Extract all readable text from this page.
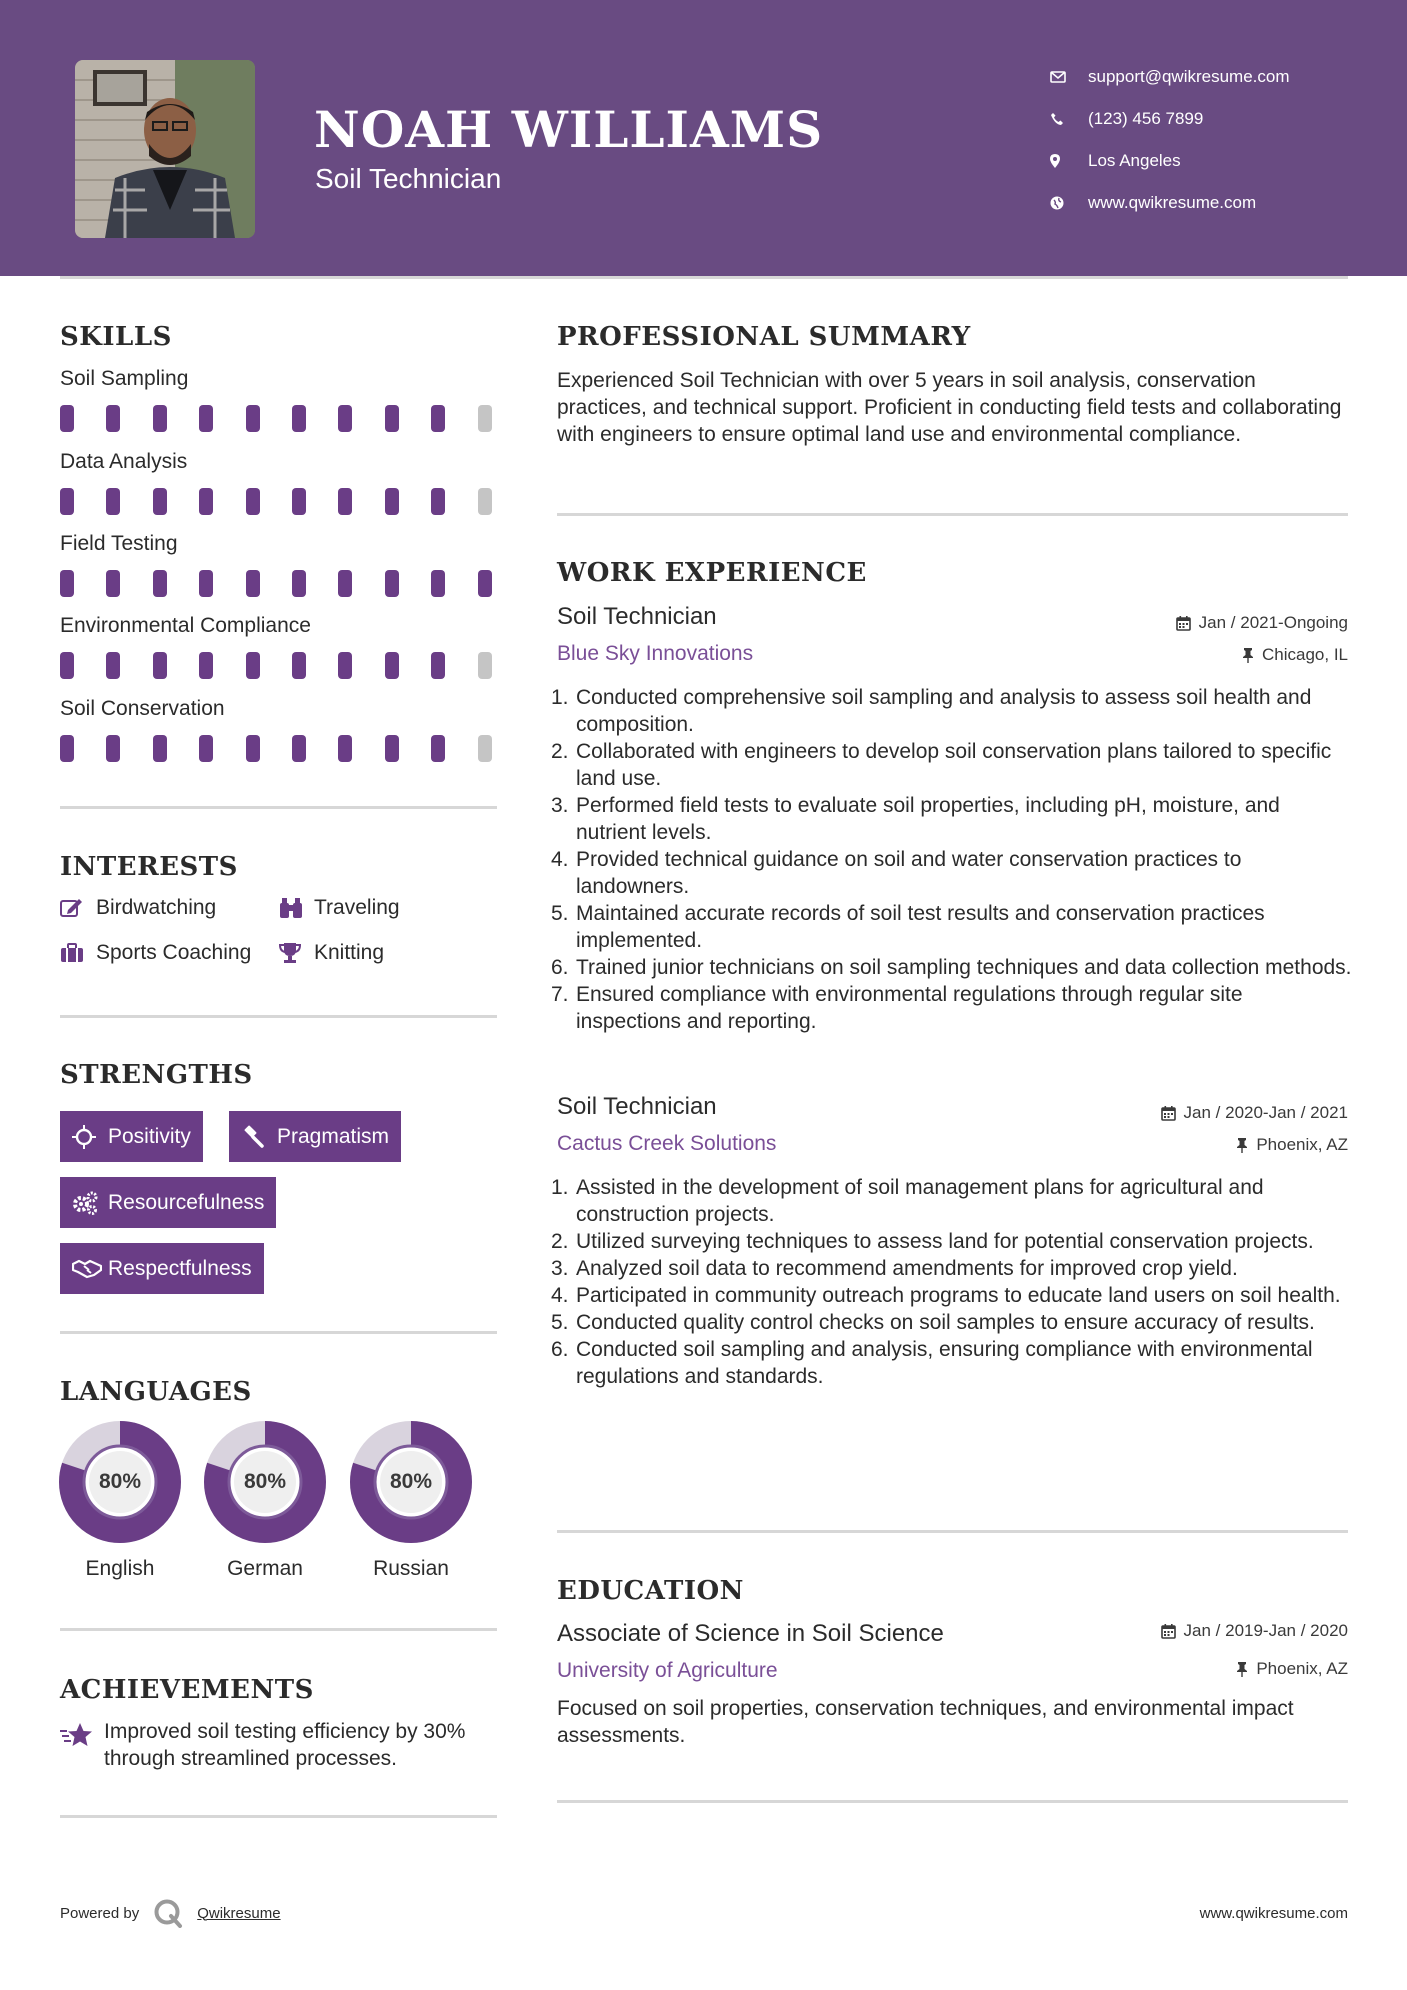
NOAH WILLIAMS
Soil Technician
support@qwikresume.com
(123) 456 7899
Los Angeles
www.qwikresume.com
SKILLS
Soil Sampling
Data Analysis
Field Testing
Environmental Compliance
Soil Conservation
INTERESTS
Birdwatching	Traveling
Sports Coaching	Knitting
STRENGTHS
Positivity	Pragmatism
Resourcefulness
Respectfulness
LANGUAGES
80%	80%	80%
English	German	Russian
ACHIEVEMENTS
Improved soil testing efficiency by 30% through streamlined processes.
PROFESSIONAL SUMMARY
Experienced Soil Technician with over 5 years in soil analysis, conservation practices, and technical support. Proficient in conducting field tests and collaborating with engineers to ensure optimal land use and environmental compliance.
WORK EXPERIENCE
Soil Technician	Jan / 2021-Ongoing
Blue Sky Innovations	Chicago, IL
1. Conducted comprehensive soil sampling and analysis to assess soil health and composition.
2. Collaborated with engineers to develop soil conservation plans tailored to specific land use.
3. Performed field tests to evaluate soil properties, including pH, moisture, and nutrient levels.
4. Provided technical guidance on soil and water conservation practices to landowners.
5. Maintained accurate records of soil test results and conservation practices implemented.
6. Trained junior technicians on soil sampling techniques and data collection methods.
7. Ensured compliance with environmental regulations through regular site inspections and reporting.
Soil Technician	Jan / 2020-Jan / 2021
Cactus Creek Solutions	Phoenix, AZ
1. Assisted in the development of soil management plans for agricultural and construction projects.
2. Utilized surveying techniques to assess land for potential conservation projects.
3. Analyzed soil data to recommend amendments for improved crop yield.
4. Participated in community outreach programs to educate land users on soil health.
5. Conducted quality control checks on soil samples to ensure accuracy of results.
6. Conducted soil sampling and analysis, ensuring compliance with environmental regulations and standards.
EDUCATION
Associate of Science in Soil Science	Jan / 2019-Jan / 2020
University of Agriculture	Phoenix, AZ
Focused on soil properties, conservation techniques, and environmental impact assessments.
Powered by	Qwikresume	www.qwikresume.com
